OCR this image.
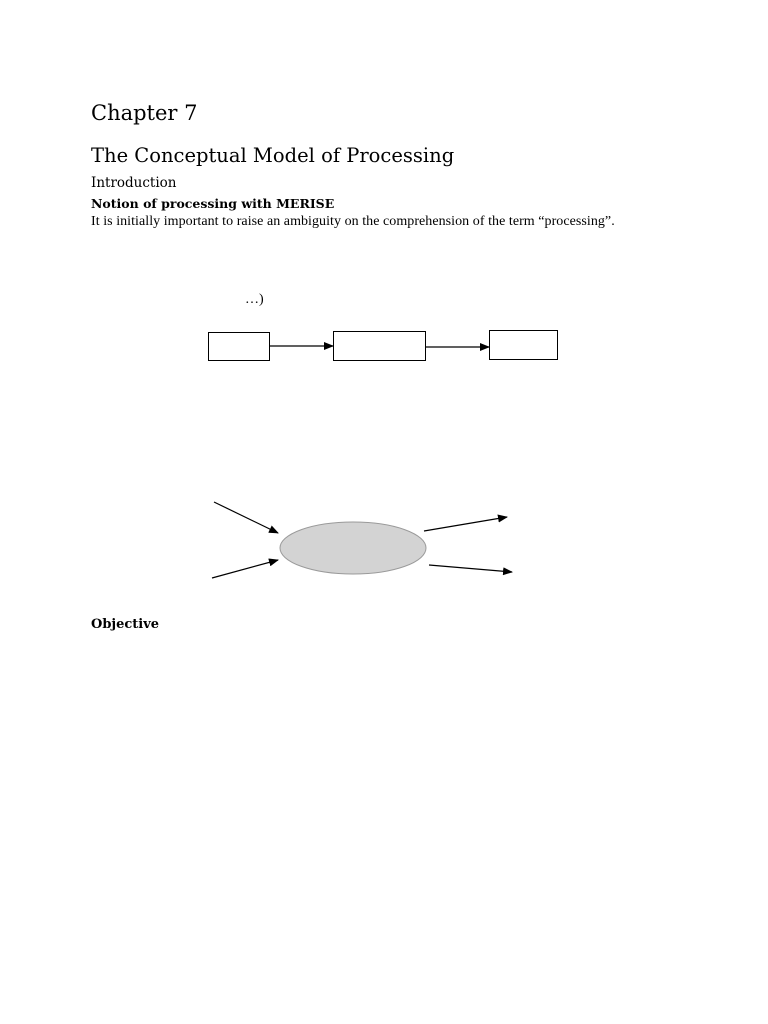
Chapter 7
The Conceptual Model of Processing
Introduction
Notion of processing with MERISE
It is initially important to raise an ambiguity on the comprehension of the term “processing”.
…)
Objective
